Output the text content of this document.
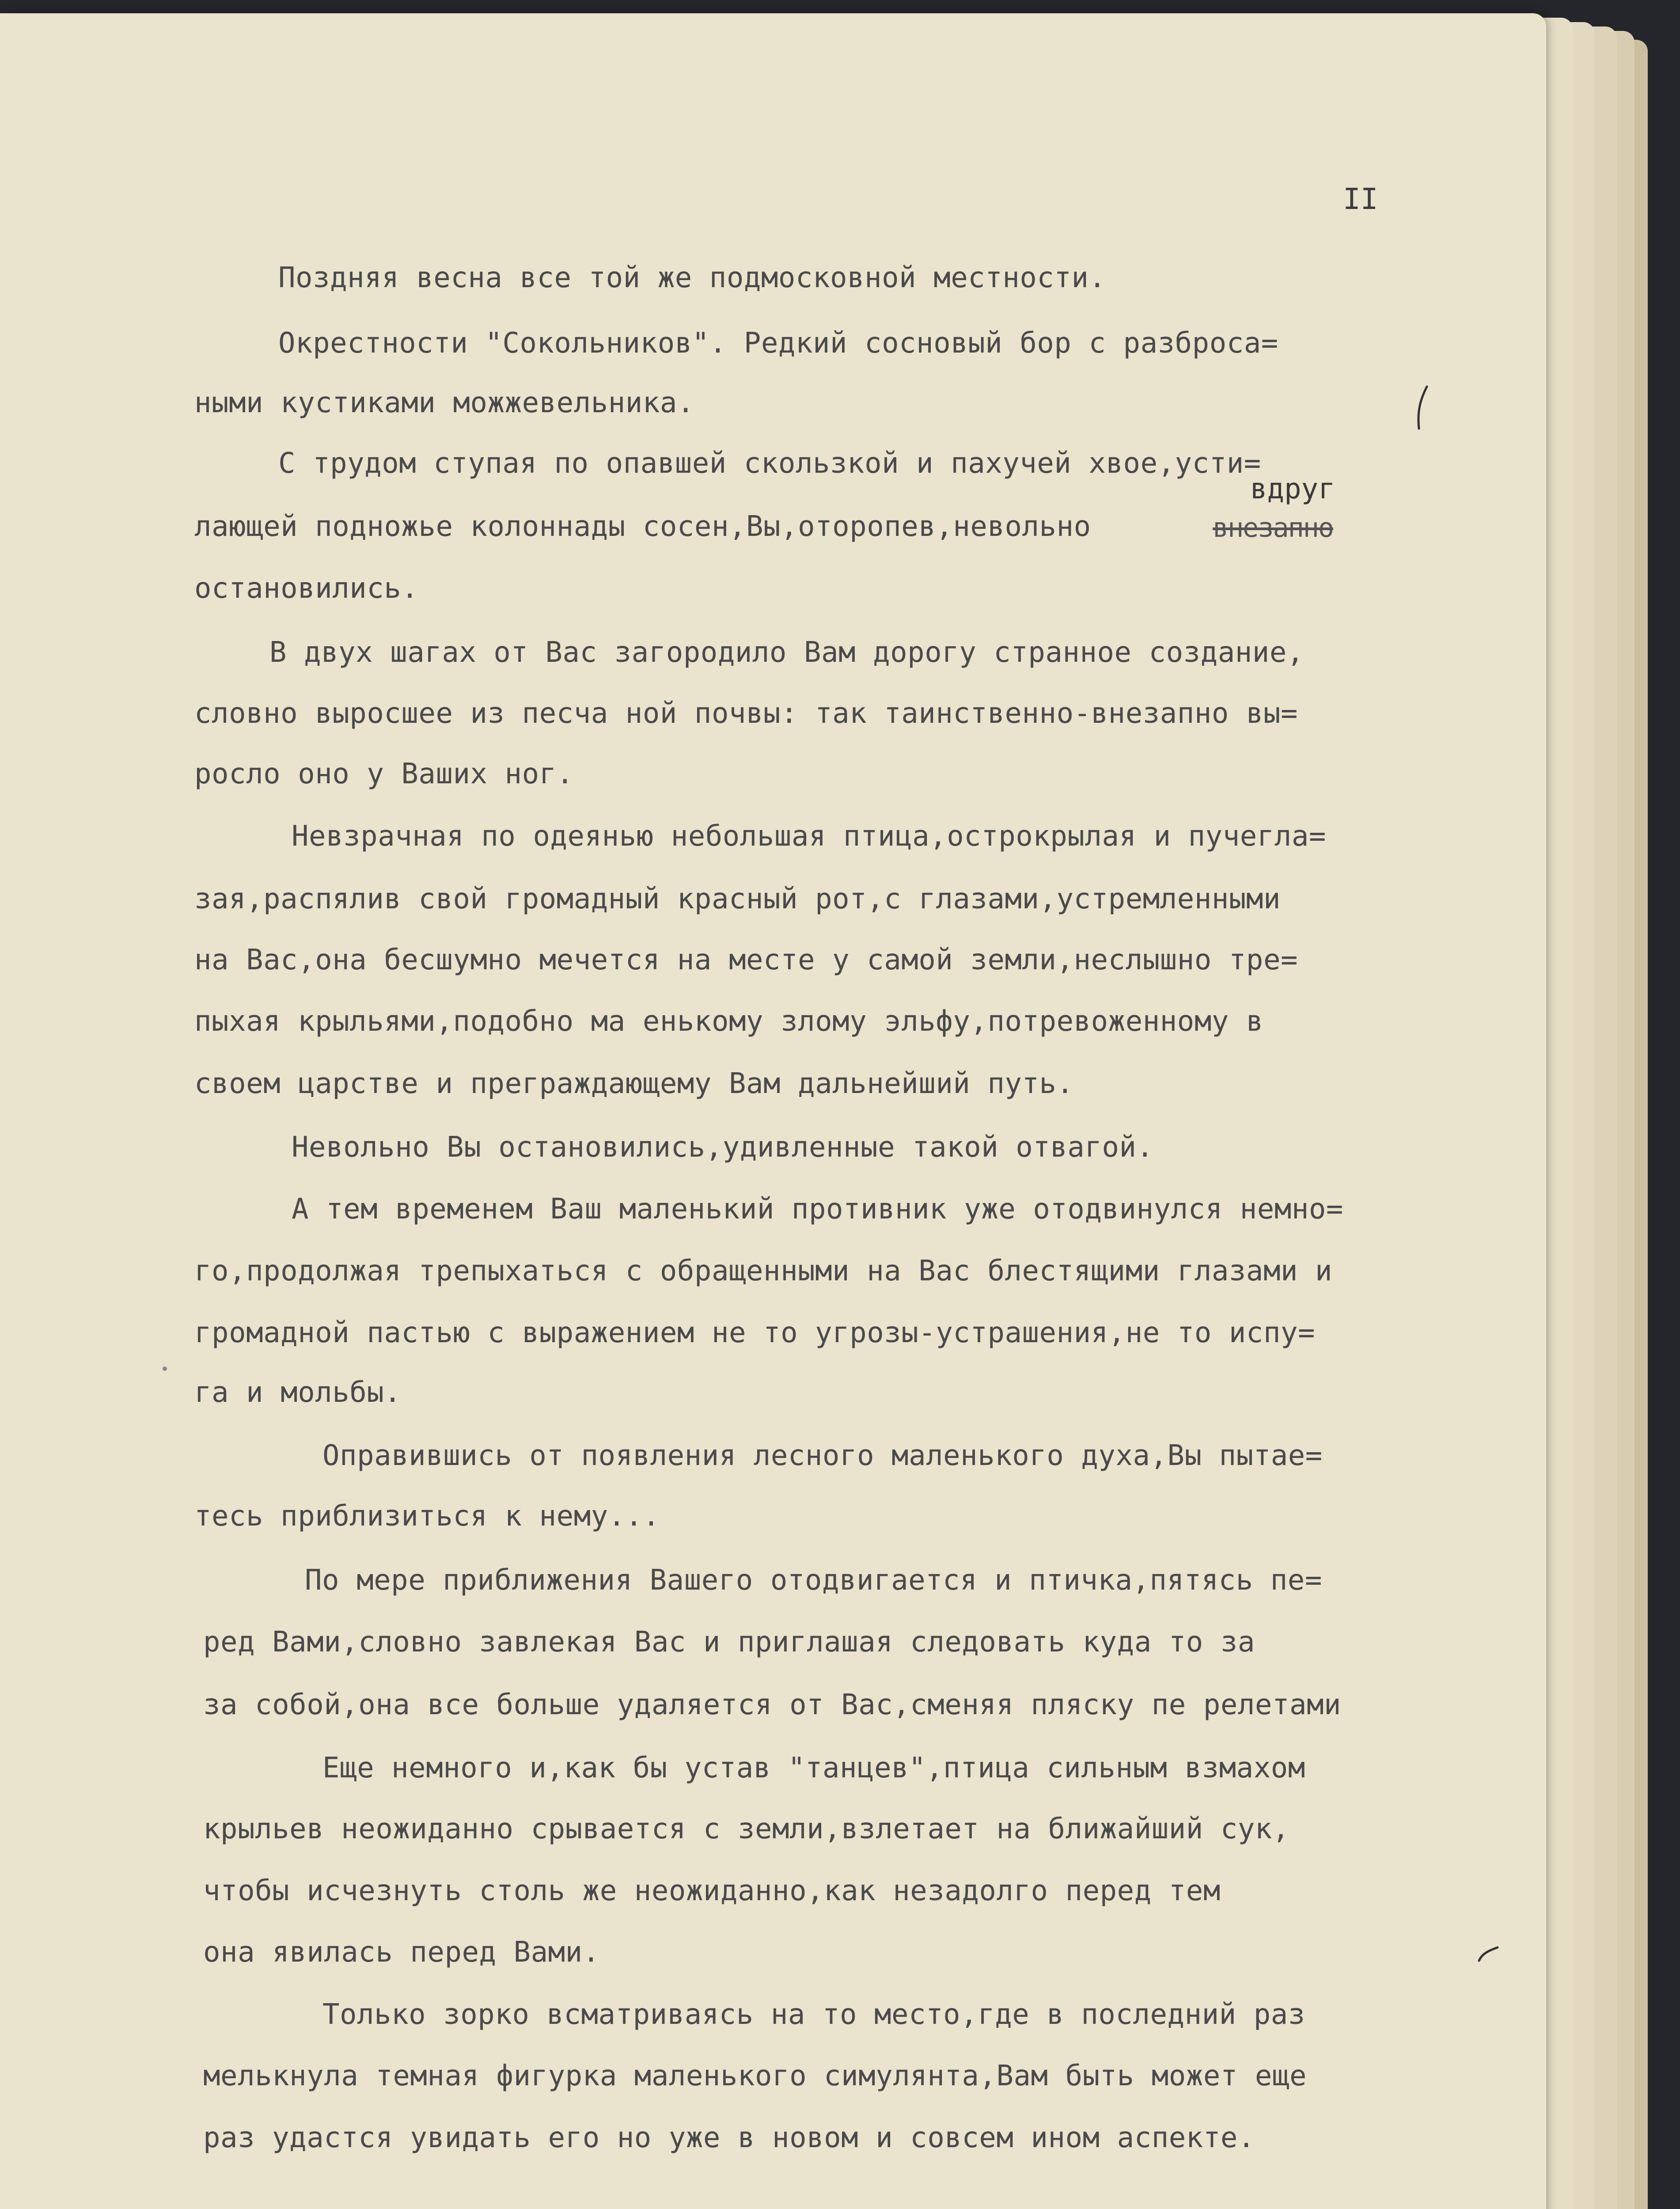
II
Поздняя весна все той же подмосковной местности.
Окрестности "Сокольников". Редкий сосновый бор с разброса=
ными кустиками можжевельника.
С трудом ступая по опавшей скользкой и пахучей хвое,усти=
лающей подножье колоннады сосен,Вы,оторопев,невольно
остановились.
В двух шагах от Вас загородило Вам дорогу странное создание,
словно выросшее из песча ной почвы: так таинственно-внезапно вы=
росло оно у Ваших ног.
Невзрачная по одеянью небольшая птица,острокрылая и пучегла=
зая,распялив свой громадный красный рот,с глазами,устремленными
на Вас,она бесшумно мечется на месте у самой земли,неслышно тре=
пыхая крыльями,подобно ма енькому злому эльфу,потревоженному в
своем царстве и преграждающему Вам дальнейший путь.
Невольно Вы остановились,удивленные такой отвагой.
А тем временем Ваш маленький противник уже отодвинулся немно=
го,продолжая трепыхаться с обращенными на Вас блестящими глазами и
громадной пастью с выражением не то угрозы-устрашения,не то испу=
га и мольбы.
Оправившись от появления лесного маленького духа,Вы пытае=
тесь приблизиться к нему...
По мере приближения Вашего отодвигается и птичка,пятясь пе=
ред Вами,словно завлекая Вас и приглашая следовать куда то за
за собой,она все больше удаляется от Вас,сменяя пляску пе релетами
Еще немного и,как бы устав "танцев",птица сильным взмахом
крыльев неожиданно срывается с земли,взлетает на ближайший сук,
чтобы исчезнуть столь же неожиданно,как незадолго перед тем
она явилась перед Вами.
Только зорко всматриваясь на то место,где в последний раз
мелькнула темная фигурка маленького симулянта,Вам быть может еще
раз удастся увидать его но уже в новом и совсем ином аспекте.
вдруг
внезапно
